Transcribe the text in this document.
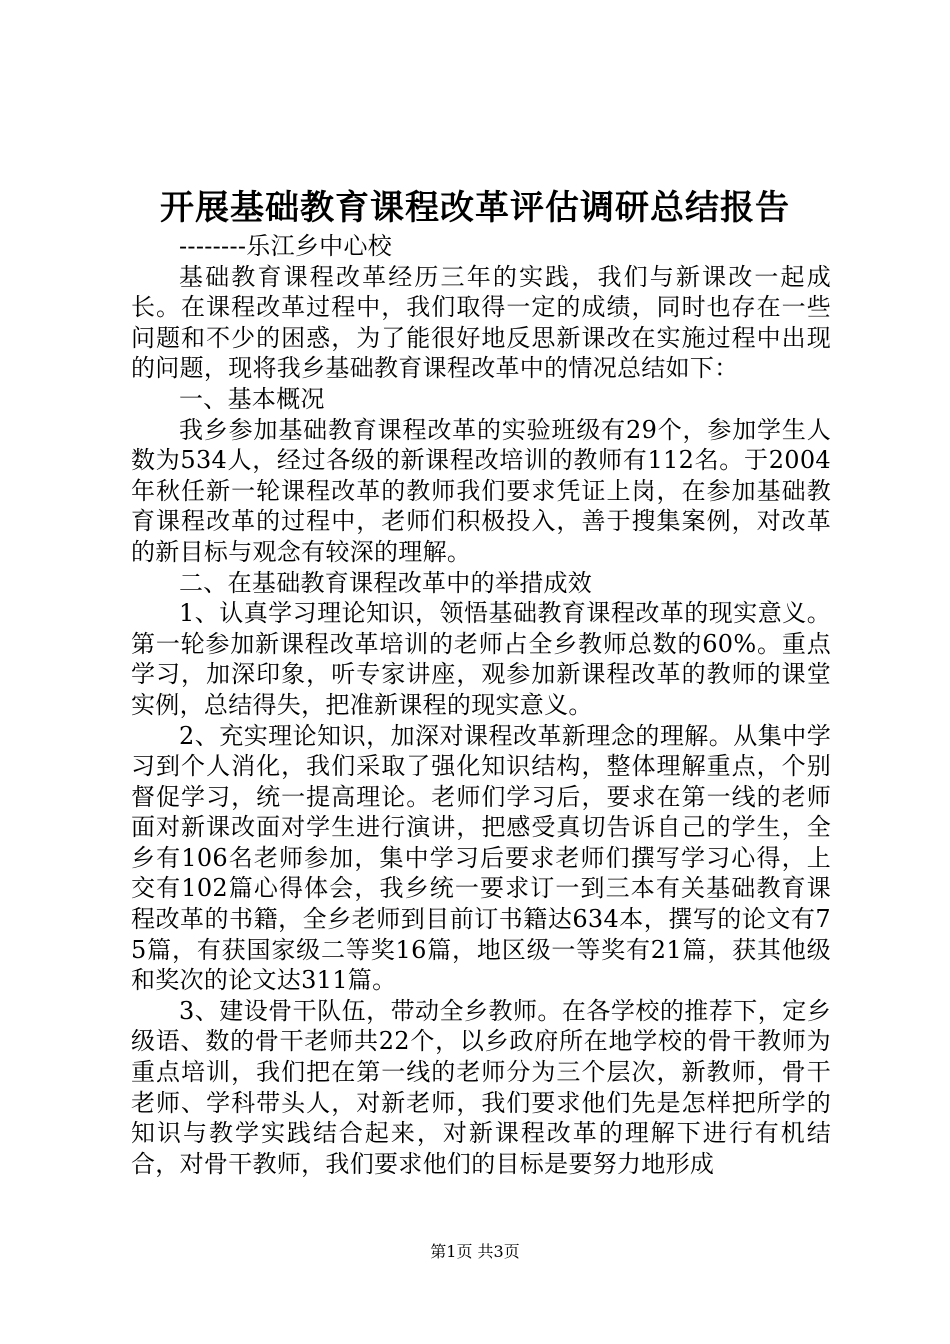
开展基础教育课程改革评估调研总结报告

--------乐江乡中心校

基础教育课程改革经历三年的实践，我们与新课改一起成长。在课程改革过程中，我们取得一定的成绩，同时也存在一些问题和不少的困惑，为了能很好地反思新课改在实施过程中出现的问题，现将我乡基础教育课程改革中的情况总结如下：

一、基本概况

我乡参加基础教育课程改革的实验班级有29个，参加学生人数为534人，经过各级的新课程改培训的教师有112名。于2004年秋任新一轮课程改革的教师我们要求凭证上岗，在参加基础教育课程改革的过程中，老师们积极投入，善于搜集案例，对改革的新目标与观念有较深的理解。

二、在基础教育课程改革中的举措成效

1、认真学习理论知识，领悟基础教育课程改革的现实意义。第一轮参加新课程改革培训的老师占全乡教师总数的60%。重点学习，加深印象，听专家讲座，观参加新课程改革的教师的课堂实例，总结得失，把准新课程的现实意义。

2、充实理论知识，加深对课程改革新理念的理解。从集中学习到个人消化，我们采取了强化知识结构，整体理解重点，个别督促学习，统一提高理论。老师们学习后，要求在第一线的老师面对新课改面对学生进行演讲，把感受真切告诉自己的学生，全乡有106名老师参加，集中学习后要求老师们撰写学习心得，上交有102篇心得体会，我乡统一要求订一到三本有关基础教育课程改革的书籍，全乡老师到目前订书籍达634本，撰写的论文有75篇，有获国家级二等奖16篇，地区级一等奖有21篇，获其他级和奖次的论文达311篇。

3、建设骨干队伍，带动全乡教师。在各学校的推荐下，定乡级语、数的骨干老师共22个，以乡政府所在地学校的骨干教师为重点培训，我们把在第一线的老师分为三个层次，新教师，骨干老师、学科带头人，对新老师，我们要求他们先是怎样把所学的知识与教学实践结合起来，对新课程改革的理解下进行有机结合，对骨干教师，我们要求他们的目标是要努力地形成

第1页 共3页
